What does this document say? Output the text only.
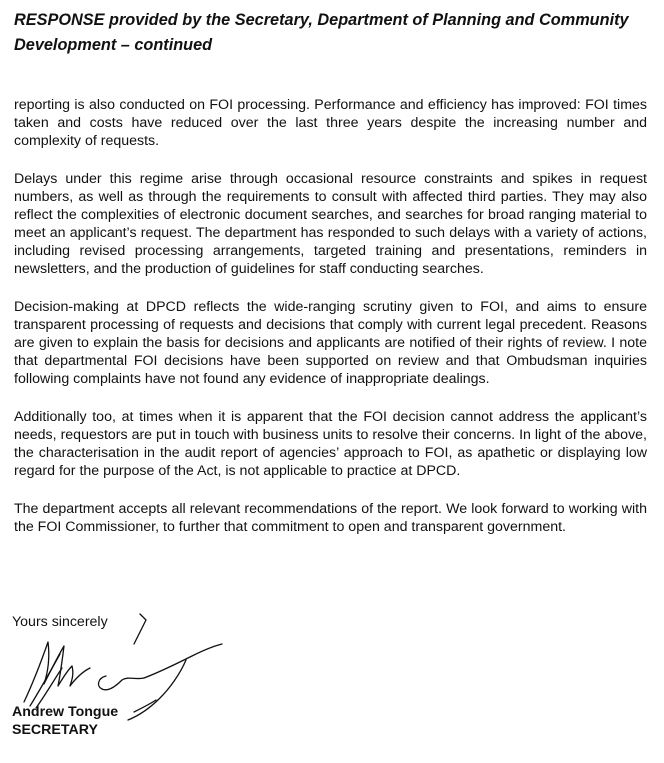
RESPONSE provided by the Secretary, Department of Planning and Community Development – continued

reporting is also conducted on FOI processing. Performance and efficiency has improved: FOI times taken and costs have reduced over the last three years despite the increasing number and complexity of requests.

Delays under this regime arise through occasional resource constraints and spikes in request numbers, as well as through the requirements to consult with affected third parties. They may also reflect the complexities of electronic document searches, and searches for broad ranging material to meet an applicant’s request. The department has responded to such delays with a variety of actions, including revised processing arrangements, targeted training and presentations, reminders in newsletters, and the production of guidelines for staff conducting searches.

Decision-making at DPCD reflects the wide-ranging scrutiny given to FOI, and aims to ensure transparent processing of requests and decisions that comply with current legal precedent. Reasons are given to explain the basis for decisions and applicants are notified of their rights of review. I note that departmental FOI decisions have been supported on review and that Ombudsman inquiries following complaints have not found any evidence of inappropriate dealings.

Additionally too, at times when it is apparent that the FOI decision cannot address the applicant’s needs, requestors are put in touch with business units to resolve their concerns. In light of the above, the characterisation in the audit report of agencies’ approach to FOI, as apathetic or displaying low regard for the purpose of the Act, is not applicable to practice at DPCD.

The department accepts all relevant recommendations of the report. We look forward to working with the FOI Commissioner, to further that commitment to open and transparent government.

Yours sincerely
Andrew Tongue
SECRETARY
